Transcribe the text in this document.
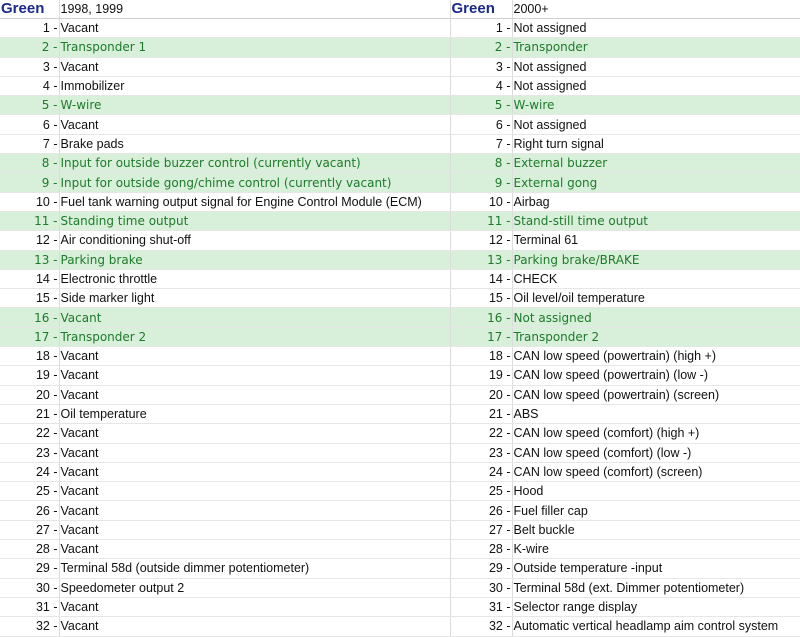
Green	1998, 1999	Green	2000+
1 -	Vacant	1 -	Not assigned
2 -	Transponder 1	2 -	Transponder
3 -	Vacant	3 -	Not assigned
4 -	Immobilizer	4 -	Not assigned
5 -	W-wire	5 -	W-wire
6 -	Vacant	6 -	Not assigned
7 -	Brake pads	7 -	Right turn signal
8 -	Input for outside buzzer control (currently vacant)	8 -	External buzzer
9 -	Input for outside gong/chime control (currently vacant)	9 -	External gong
10 -	Fuel tank warning output signal for Engine Control Module (ECM)	10 -	Airbag
11 -	Standing time output	11 -	Stand-still time output
12 -	Air conditioning shut-off	12 -	Terminal 61
13 -	Parking brake	13 -	Parking brake/BRAKE
14 -	Electronic throttle	14 -	CHECK
15 -	Side marker light	15 -	Oil level/oil temperature
16 -	Vacant	16 -	Not assigned
17 -	Transponder 2	17 -	Transponder 2
18 -	Vacant	18 -	CAN low speed (powertrain) (high +)
19 -	Vacant	19 -	CAN low speed (powertrain) (low -)
20 -	Vacant	20 -	CAN low speed (powertrain) (screen)
21 -	Oil temperature	21 -	ABS
22 -	Vacant	22 -	CAN low speed (comfort) (high +)
23 -	Vacant	23 -	CAN low speed (comfort) (low -)
24 -	Vacant	24 -	CAN low speed (comfort) (screen)
25 -	Vacant	25 -	Hood
26 -	Vacant	26 -	Fuel filler cap
27 -	Vacant	27 -	Belt buckle
28 -	Vacant	28 -	K-wire
29 -	Terminal 58d (outside dimmer potentiometer)	29 -	Outside temperature -input
30 -	Speedometer output 2	30 -	Terminal 58d (ext. Dimmer potentiometer)
31 -	Vacant	31 -	Selector range display
32 -	Vacant	32 -	Automatic vertical headlamp aim control system
